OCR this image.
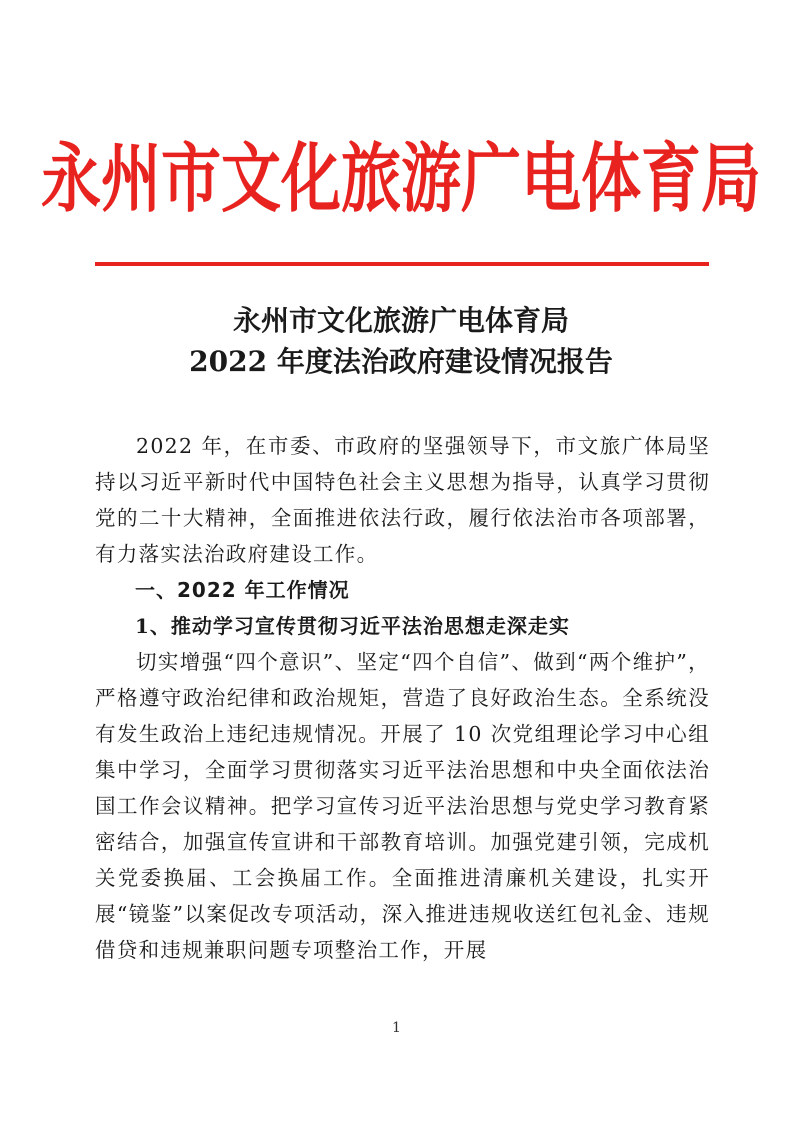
永州市文化旅游广电体育局
永州市文化旅游广电体育局
2022 年度法治政府建设情况报告

2022 年，在市委、市政府的坚强领导下，市文旅广体局坚持以习近平新时代中国特色社会主义思想为指导，认真学习贯彻党的二十大精神，全面推进依法行政，履行依法治市各项部署，有力落实法治政府建设工作。

一、2022 年工作情况

1、推动学习宣传贯彻习近平法治思想走深走实

切实增强“四个意识”、坚定“四个自信”、做到“两个维护”，严格遵守政治纪律和政治规矩，营造了良好政治生态。全系统没有发生政治上违纪违规情况。开展了 10 次党组理论学习中心组集中学习，全面学习贯彻落实习近平法治思想和中央全面依法治国工作会议精神。把学习宣传习近平法治思想与党史学习教育紧密结合，加强宣传宣讲和干部教育培训。加强党建引领，完成机关党委换届、工会换届工作。全面推进清廉机关建设，扎实开展“镜鉴”以案促改专项活动，深入推进违规收送红包礼金、违规借贷和违规兼职问题专项整治工作，开展

1
